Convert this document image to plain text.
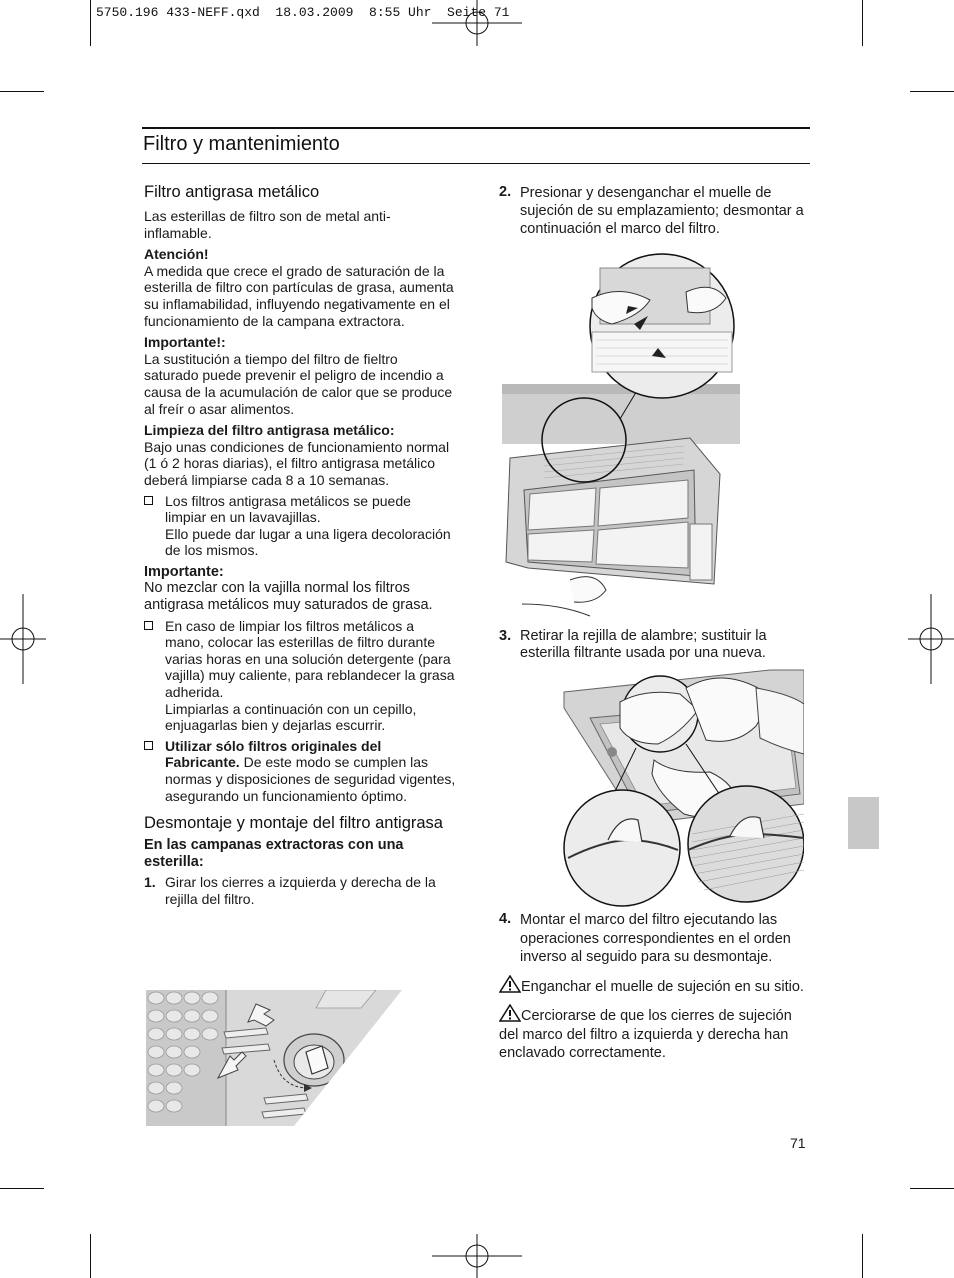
5750.196 433-NEFF.qxd  18.03.2009  8:55 Uhr  Seite 71
Filtro y mantenimiento

Filtro antigrasa metálico

Las esterillas de filtro son de metal anti-inflamable.

Atención!

A medida que crece el grado de saturación de la esterilla de filtro con partículas de grasa, aumenta su inflamabilidad, influyendo negativamente en el funcionamiento de la campana extractora.

Importante!:

La sustitución a tiempo del filtro de fieltro saturado puede prevenir el peligro de incendio a causa de la acumulación de calor que se produce al freír o asar alimentos.

Limpieza del filtro antigrasa metálico:

Bajo unas condiciones de funcionamiento normal (1 ó 2 horas diarias), el filtro antigrasa metálico deberá limpiarse cada 8 a 10 semanas.

Los filtros antigrasa metálicos se puede limpiar en un lavavajillas.

Ello puede dar lugar a una ligera decoloración de los mismos.

Importante:

No mezclar con la vajilla normal los filtros antigrasa metálicos muy saturados de grasa.

En caso de limpiar los filtros metálicos a mano, colocar las esterillas de filtro durante varias horas en una solución detergente (para vajilla) muy caliente, para reblandecer la grasa adherida.

Limpiarlas a continuación con un cepillo, enjuagarlas bien y dejarlas escurrir.

Utilizar sólo filtros originales del Fabricante. De este modo se cumplen las normas y disposiciones de seguridad vigentes, asegurando un funcionamiento óptimo.

Desmontaje y montaje del filtro antigrasa

En las campanas extractoras con una esterilla:

1. Girar los cierres a izquierda y derecha de la rejilla del filtro.

2. Presionar y desenganchar el muelle de sujeción de su emplazamiento; desmontar a continuación el marco del filtro.

3. Retirar la rejilla de alambre; sustituir la esterilla filtrante usada por una nueva.

4. Montar el marco del filtro ejecutando las operaciones correspondientes en el orden inverso al seguido para su desmontaje.

Enganchar el muelle de sujeción en su sitio.

Cerciorarse de que los cierres de sujeción del marco del filtro a izquierda y derecha han enclavado correctamente.

71
